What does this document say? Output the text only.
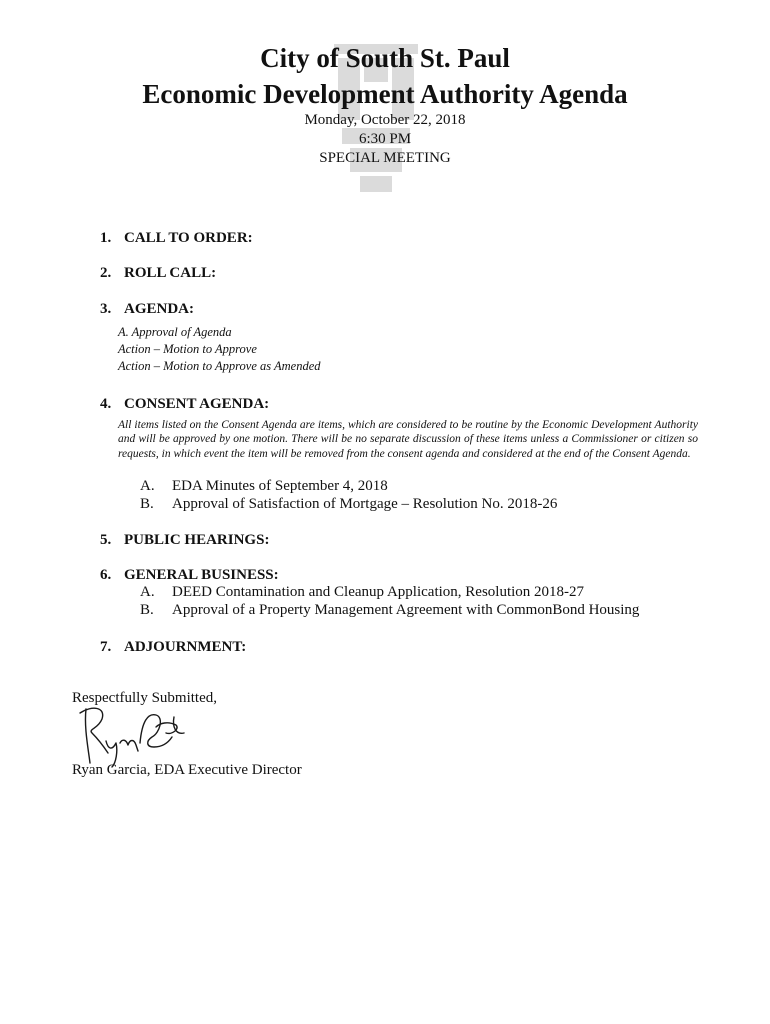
City of South St. Paul
Economic Development Authority Agenda
Monday, October 22, 2018
6:30 PM
SPECIAL MEETING
1. CALL TO ORDER:
2. ROLL CALL:
3. AGENDA:
A. Approval of Agenda
Action – Motion to Approve
Action – Motion to Approve as Amended
4. CONSENT AGENDA:
All items listed on the Consent Agenda are items, which are considered to be routine by the Economic Development Authority and will be approved by one motion. There will be no separate discussion of these items unless a Commissioner or citizen so requests, in which event the item will be removed from the consent agenda and considered at the end of the Consent Agenda.
A. EDA Minutes of September 4, 2018
B. Approval of Satisfaction of Mortgage – Resolution No. 2018-26
5. PUBLIC HEARINGS:
6. GENERAL BUSINESS:
A. DEED Contamination and Cleanup Application, Resolution 2018-27
B. Approval of a Property Management Agreement with CommonBond Housing
7. ADJOURNMENT:
Respectfully Submitted,
Ryan Garcia, EDA Executive Director
